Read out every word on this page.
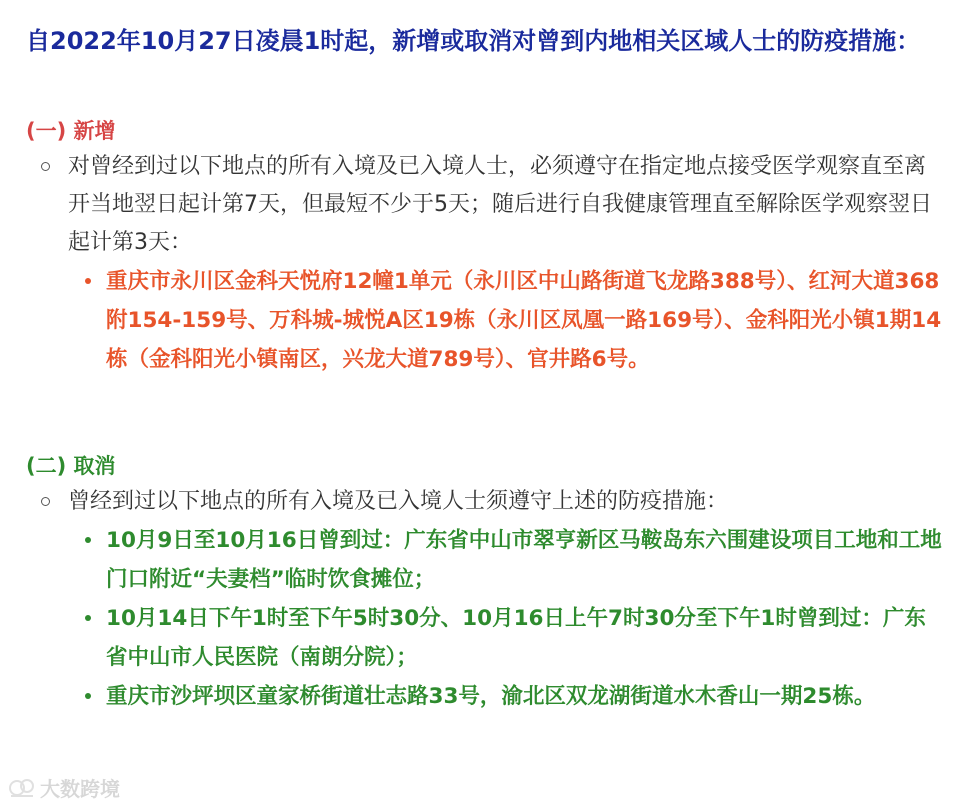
自2022年10月27日凌晨1时起，新增或取消对曾到内地相关区域人士的防疫措施：

(一) 新增
对曾经到过以下地点的所有入境及已入境人士，必须遵守在指定地点接受医学观察直至离开当地翌日起计第7天，但最短不少于5天；随后进行自我健康管理直至解除医学观察翌日起计第3天：
重庆市永川区金科天悦府12幢1单元（永川区中山路街道飞龙路388号）、红河大道368附154-159号、万科城-城悦A区19栋（永川区凤凰一路169号）、金科阳光小镇1期14栋（金科阳光小镇南区，兴龙大道789号）、官井路6号。
(二) 取消
曾经到过以下地点的所有入境及已入境人士须遵守上述的防疫措施：
10月9日至10月16日曾到过：广东省中山市翠亨新区马鞍岛东六围建设项目工地和工地门口附近“夫妻档”临时饮食摊位；
10月14日下午1时至下午5时30分、10月16日上午7时30分至下午1时曾到过：广东省中山市人民医院（南朗分院）；
重庆市沙坪坝区童家桥街道壮志路33号，渝北区双龙湖街道水木香山一期25栋。
大数跨境
